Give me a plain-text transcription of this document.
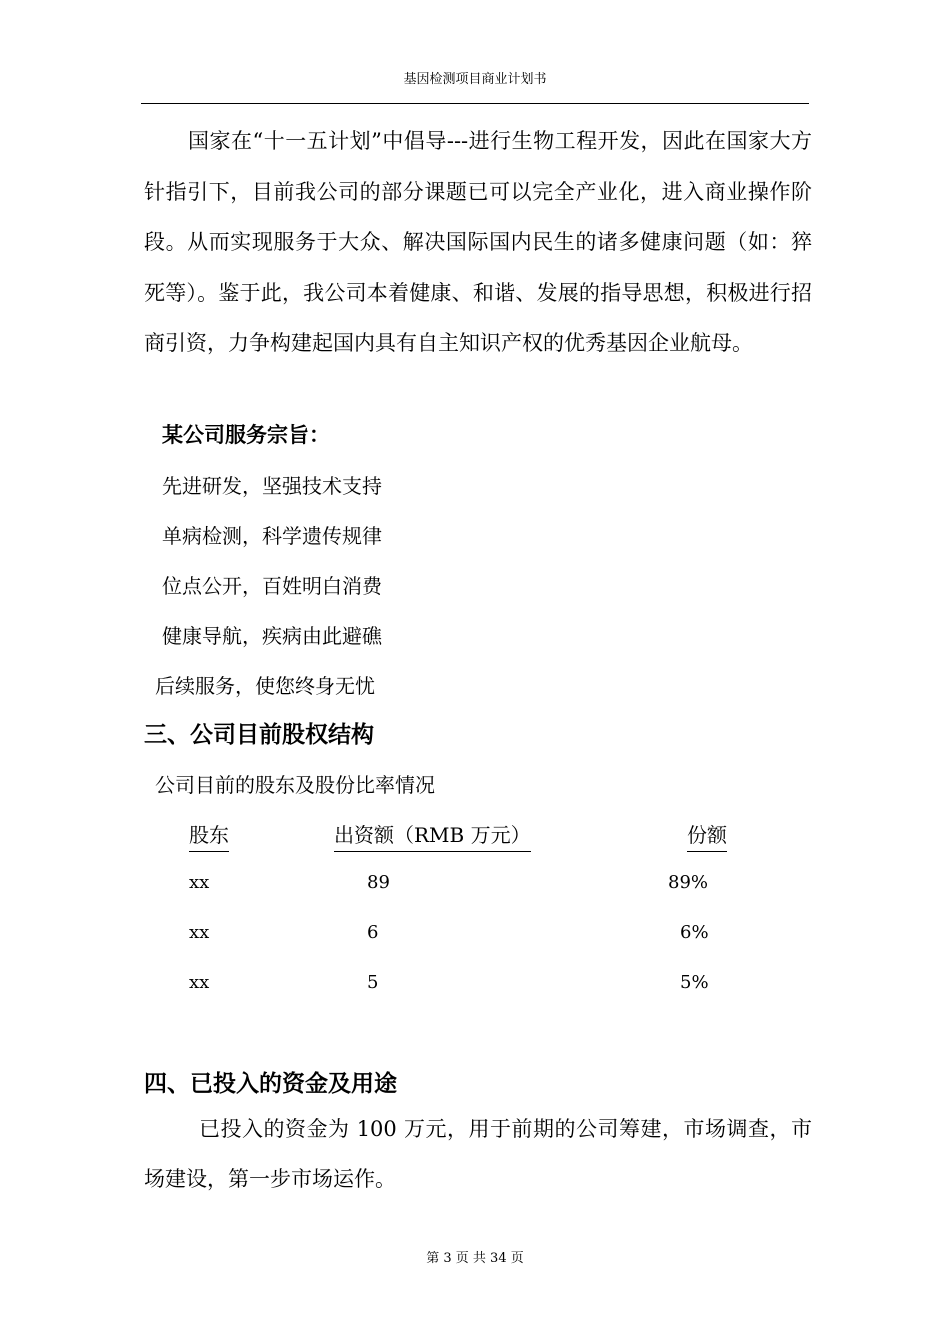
基因检测项目商业计划书
国家在“十一五计划”中倡导---进行生物工程开发，因此在国家大方针指引下，目前我公司的部分课题已可以完全产业化，进入商业操作阶段。从而实现服务于大众、解决国际国内民生的诸多健康问题（如：猝死等）。鉴于此，我公司本着健康、和谐、发展的指导思想，积极进行招商引资，力争构建起国内具有自主知识产权的优秀基因企业航母。
某公司服务宗旨：
先进研发，坚强技术支持
单病检测，科学遗传规律
位点公开，百姓明白消费
健康导航，疾病由此避礁
后续服务，使您终身无忧
三、公司目前股权结构
公司目前的股东及股份比率情况
股东	出资额（RMB 万元）	份额
xx	89	89%
xx	6	6%
xx	5	5%
四、已投入的资金及用途
已投入的资金为 100 万元，用于前期的公司筹建，市场调查，市场建设，第一步市场运作。
第 3 页 共 34 页
